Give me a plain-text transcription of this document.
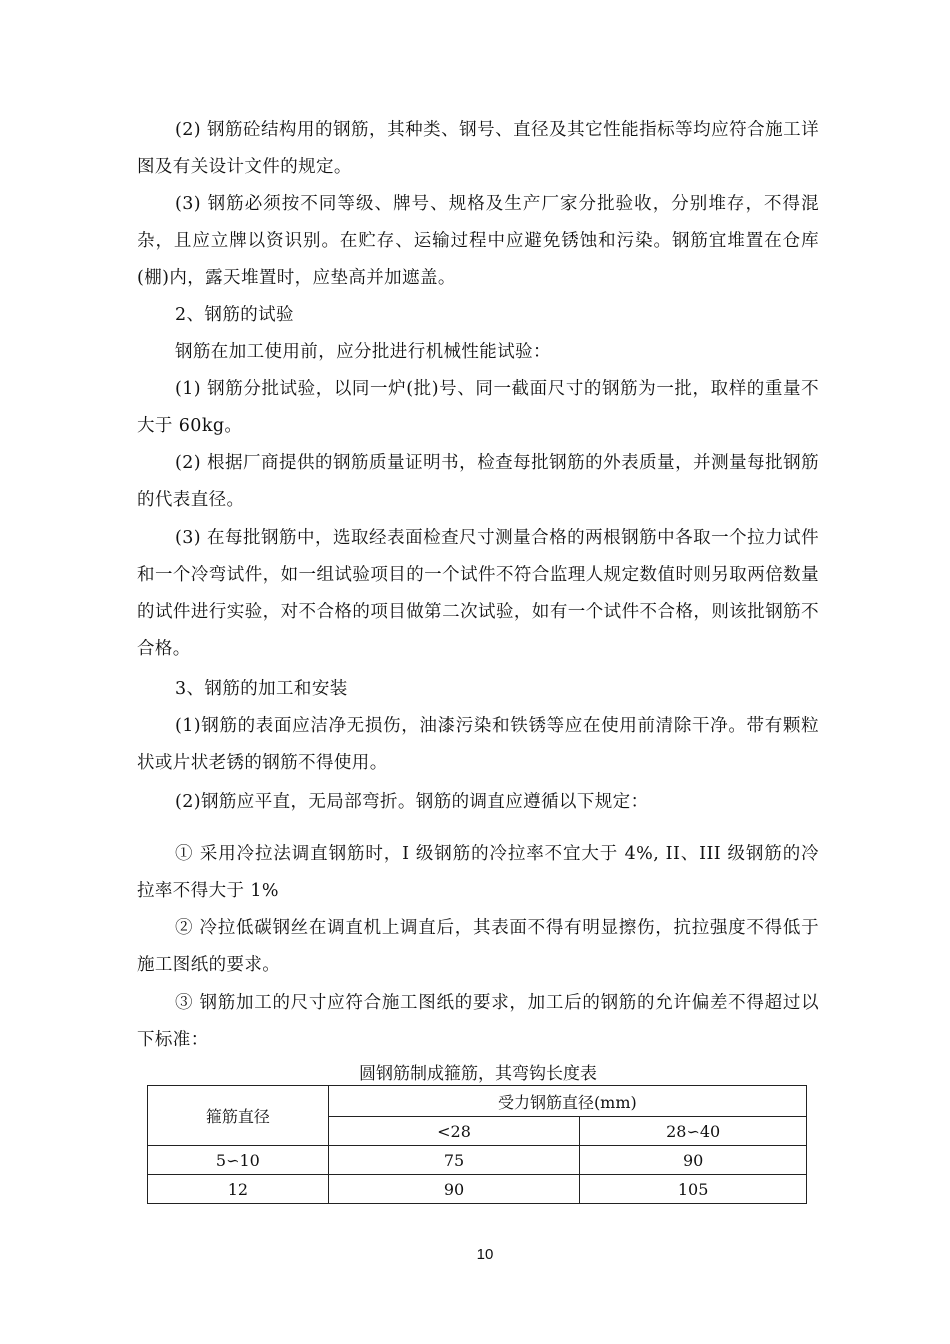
(2) 钢筋砼结构用的钢筋，其种类、钢号、直径及其它性能指标等均应符合施工详图及有关设计文件的规定。

(3) 钢筋必须按不同等级、牌号、规格及生产厂家分批验收，分别堆存，不得混杂，且应立牌以资识别。在贮存、运输过程中应避免锈蚀和污染。钢筋宜堆置在仓库(棚)内，露天堆置时，应垫高并加遮盖。

2、钢筋的试验

钢筋在加工使用前，应分批进行机械性能试验：

(1) 钢筋分批试验，以同一炉(批)号、同一截面尺寸的钢筋为一批，取样的重量不大于 60kg。

(2) 根据厂商提供的钢筋质量证明书，检查每批钢筋的外表质量，并测量每批钢筋的代表直径。

(3) 在每批钢筋中，选取经表面检查尺寸测量合格的两根钢筋中各取一个拉力试件和一个冷弯试件，如一组试验项目的一个试件不符合监理人规定数值时则另取两倍数量的试件进行实验，对不合格的项目做第二次试验，如有一个试件不合格，则该批钢筋不合格。

3、钢筋的加工和安装

(1)钢筋的表面应洁净无损伤，油漆污染和铁锈等应在使用前清除干净。带有颗粒状或片状老锈的钢筋不得使用。

(2)钢筋应平直，无局部弯折。钢筋的调直应遵循以下规定：

① 采用冷拉法调直钢筋时，I 级钢筋的冷拉率不宜大于 4%, II、III 级钢筋的冷拉率不得大于 1%

② 冷拉低碳钢丝在调直机上调直后，其表面不得有明显擦伤，抗拉强度不得低于施工图纸的要求。

③ 钢筋加工的尺寸应符合施工图纸的要求，加工后的钢筋的允许偏差不得超过以下标准：

圆钢筋制成箍筋，其弯钩长度表
箍筋直径	受力钢筋直径(mm)	
	<28	28∽40
5∽10	75	90
12	90	105
10
